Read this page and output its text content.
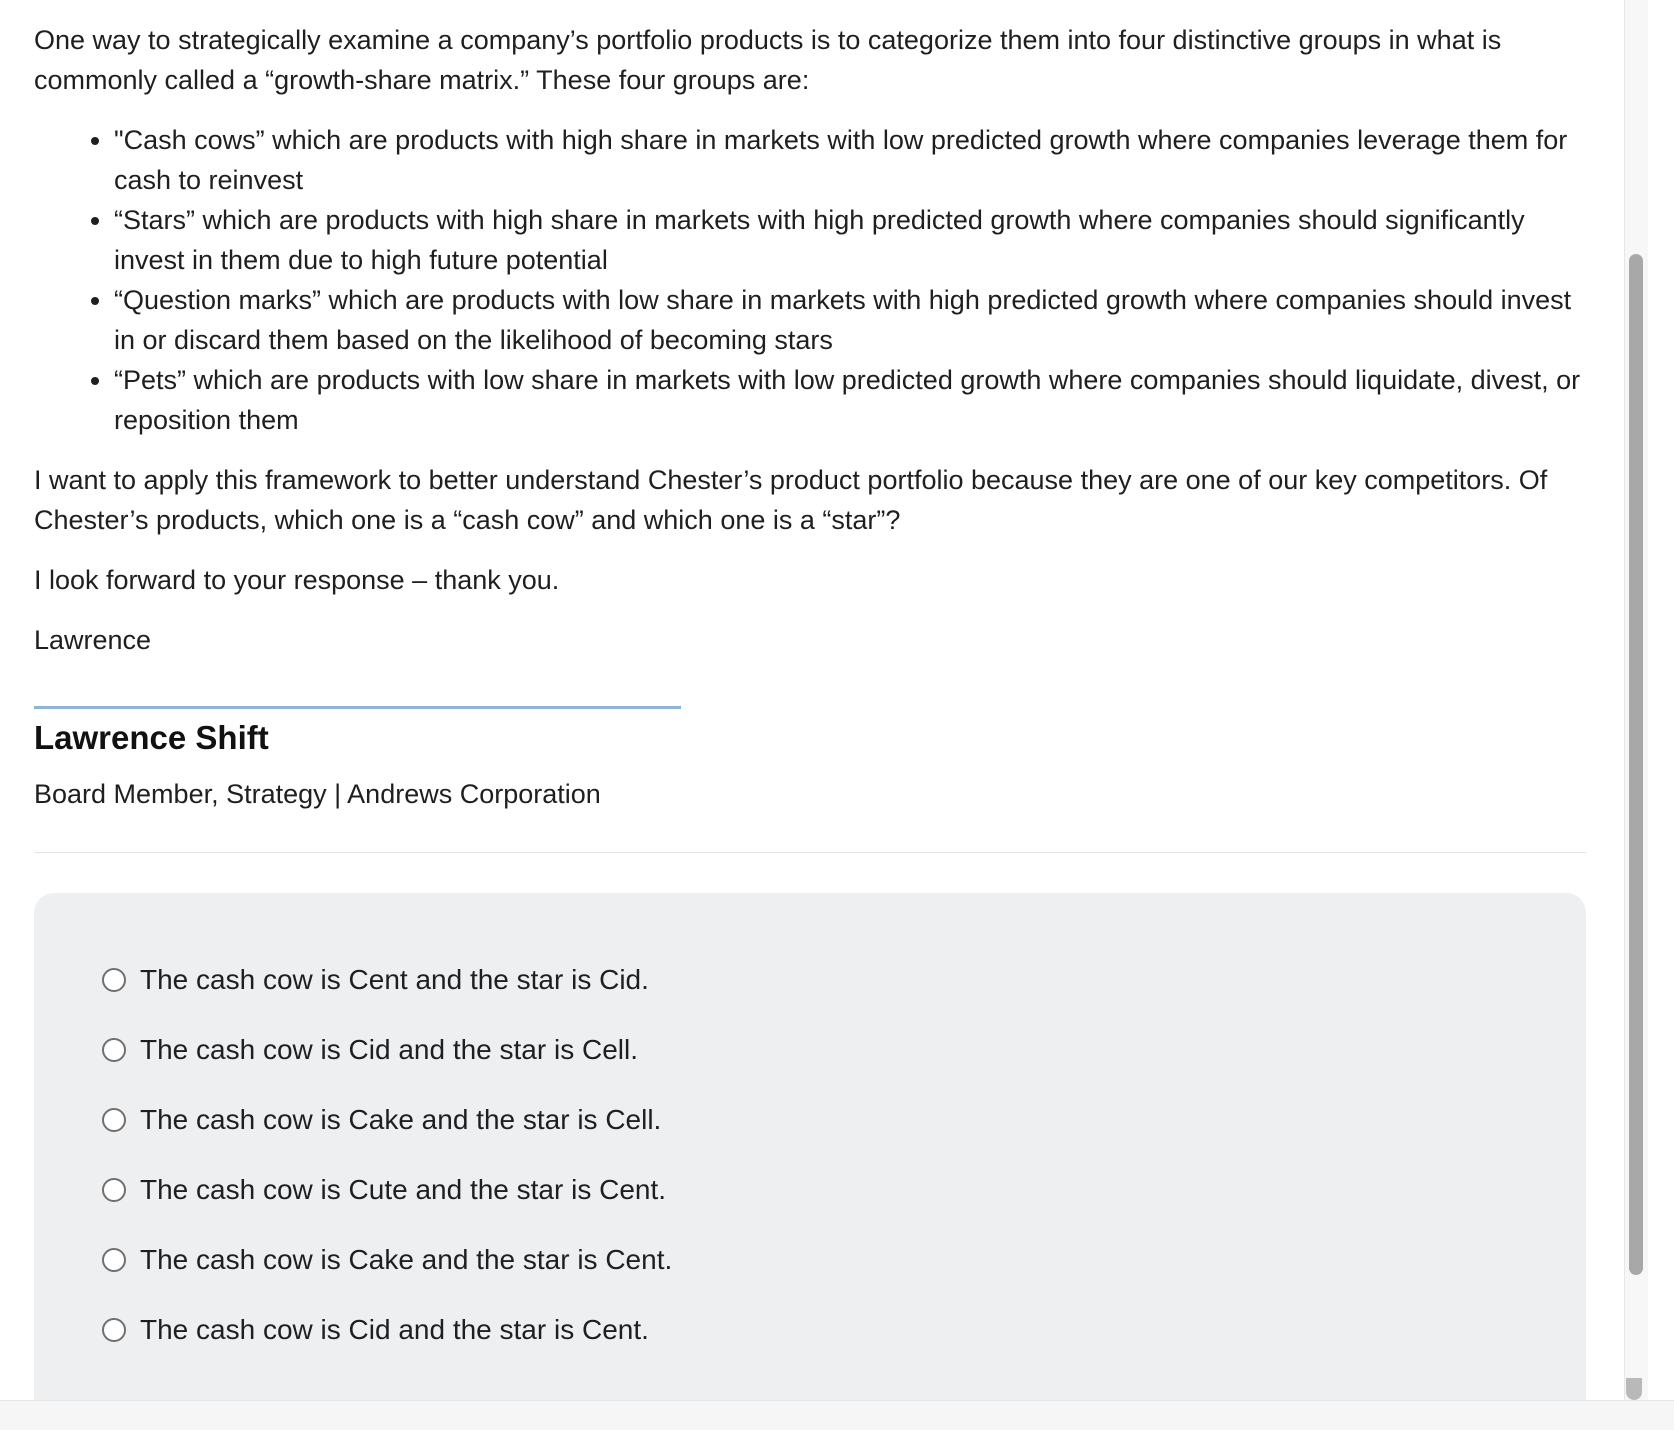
One way to strategically examine a company’s portfolio products is to categorize them into four distinctive groups in what is commonly called a “growth-share matrix.” These four groups are:

• "Cash cows” which are products with high share in markets with low predicted growth where companies leverage them for cash to reinvest
• “Stars” which are products with high share in markets with high predicted growth where companies should significantly invest in them due to high future potential
• “Question marks” which are products with low share in markets with high predicted growth where companies should invest in or discard them based on the likelihood of becoming stars
• “Pets” which are products with low share in markets with low predicted growth where companies should liquidate, divest, or reposition them

I want to apply this framework to better understand Chester’s product portfolio because they are one of our key competitors. Of Chester’s products, which one is a “cash cow” and which one is a “star”?

I look forward to your response – thank you.

Lawrence

Lawrence Shift
Board Member, Strategy | Andrews Corporation
The cash cow is Cent and the star is Cid.
The cash cow is Cid and the star is Cell.
The cash cow is Cake and the star is Cell.
The cash cow is Cute and the star is Cent.
The cash cow is Cake and the star is Cent.
The cash cow is Cid and the star is Cent.
